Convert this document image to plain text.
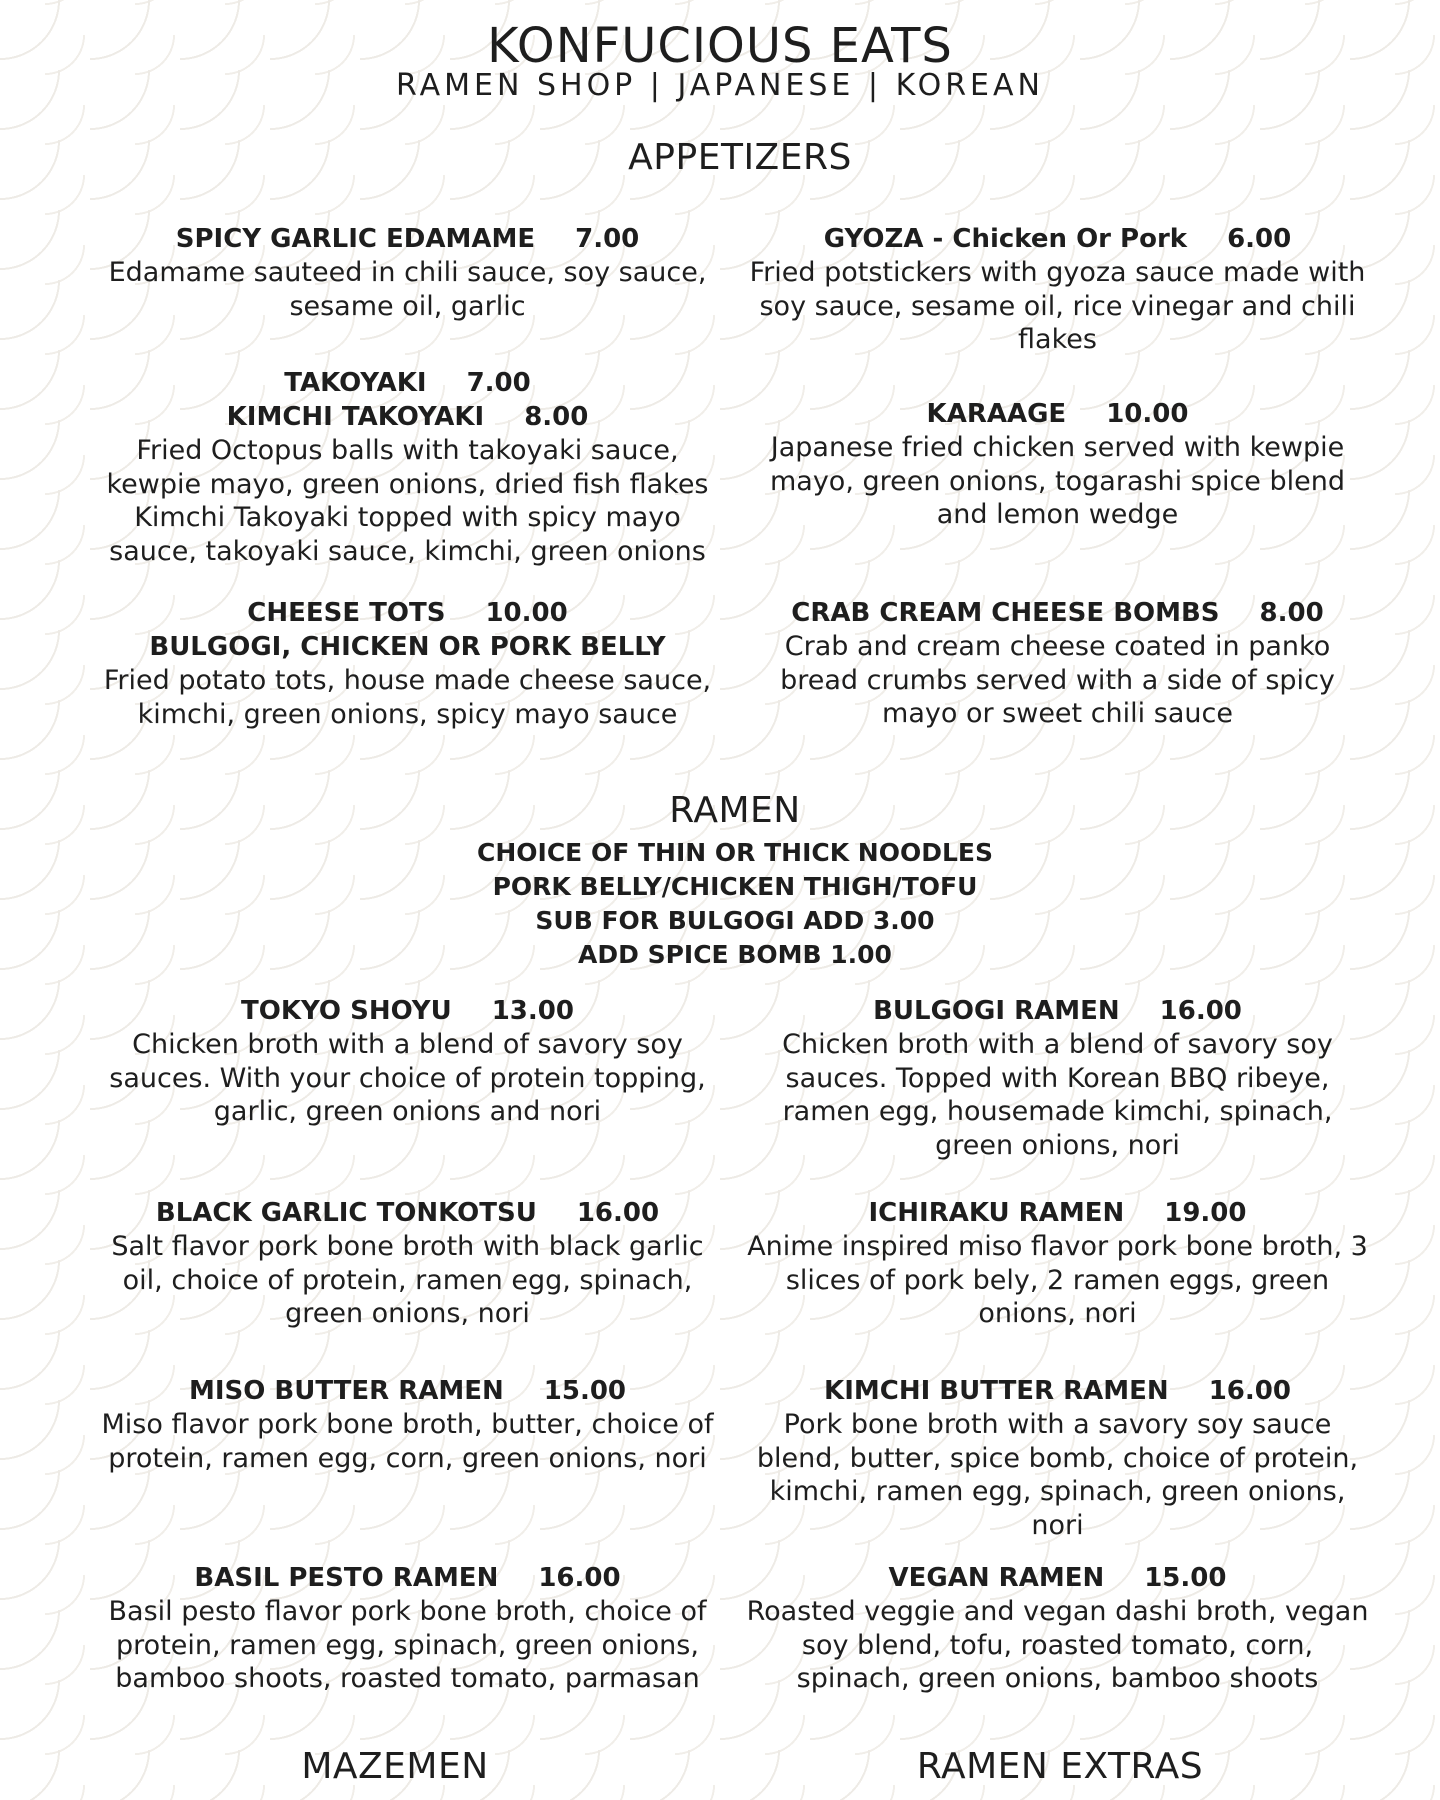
KONFUCIOUS EATS
RAMEN SHOP | JAPANESE | KOREAN
APPETIZERS
SPICY GARLIC EDAMAME 7.00
Edamame sauteed in chili sauce, soy sauce, sesame oil, garlic
GYOZA - Chicken Or Pork 6.00
Fried potstickers with gyoza sauce made with soy sauce, sesame oil, rice vinegar and chili flakes
TAKOYAKI 7.00
KIMCHI TAKOYAKI 8.00
Fried Octopus balls with takoyaki sauce, kewpie mayo, green onions, dried fish flakes Kimchi Takoyaki topped with spicy mayo sauce, takoyaki sauce, kimchi, green onions
KARAAGE 10.00
Japanese fried chicken served with kewpie mayo, green onions, togarashi spice blend and lemon wedge
CHEESE TOTS 10.00
BULGOGI, CHICKEN OR PORK BELLY
Fried potato tots, house made cheese sauce, kimchi, green onions, spicy mayo sauce
CRAB CREAM CHEESE BOMBS 8.00
Crab and cream cheese coated in panko bread crumbs served with a side of spicy mayo or sweet chili sauce
RAMEN
CHOICE OF THIN OR THICK NOODLES
PORK BELLY/CHICKEN THIGH/TOFU
SUB FOR BULGOGI ADD 3.00
ADD SPICE BOMB 1.00
TOKYO SHOYU 13.00
Chicken broth with a blend of savory soy sauces. With your choice of protein topping, garlic, green onions and nori
BULGOGI RAMEN 16.00
Chicken broth with a blend of savory soy sauces. Topped with Korean BBQ ribeye, ramen egg, housemade kimchi, spinach, green onions, nori
BLACK GARLIC TONKOTSU 16.00
Salt flavor pork bone broth with black garlic oil, choice of protein, ramen egg, spinach, green onions, nori
ICHIRAKU RAMEN 19.00
Anime inspired miso flavor pork bone broth, 3 slices of pork bely, 2 ramen eggs, green onions, nori
MISO BUTTER RAMEN 15.00
Miso flavor pork bone broth, butter, choice of protein, ramen egg, corn, green onions, nori
KIMCHI BUTTER RAMEN 16.00
Pork bone broth with a savory soy sauce blend, butter, spice bomb, choice of protein, kimchi, ramen egg, spinach, green onions, nori
BASIL PESTO RAMEN 16.00
Basil pesto flavor pork bone broth, choice of protein, ramen egg, spinach, green onions, bamboo shoots, roasted tomato, parmasan
VEGAN RAMEN 15.00
Roasted veggie and vegan dashi broth, vegan soy blend, tofu, roasted tomato, corn, spinach, green onions, bamboo shoots
MAZEMEN	RAMEN EXTRAS
